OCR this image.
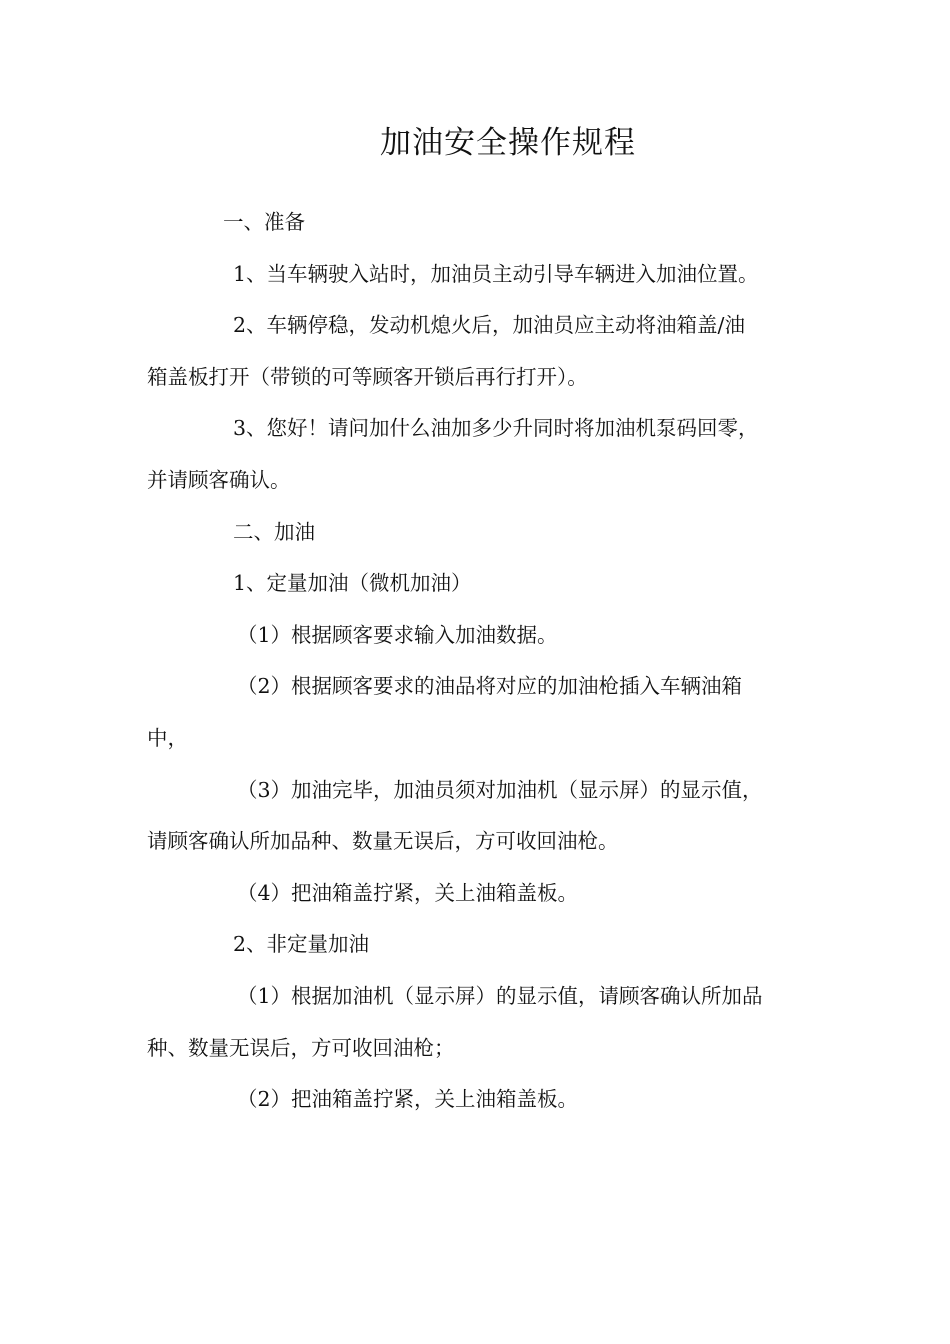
加油安全操作规程

一、准备

1、当车辆驶入站时，加油员主动引导车辆进入加油位置。

2、车辆停稳，发动机熄火后，加油员应主动将油箱盖/油

箱盖板打开（带锁的可等顾客开锁后再行打开）。

3、您好！请问加什么油加多少升同时将加油机泵码回零，

并请顾客确认。

二、加油

1、定量加油（微机加油）

（1）根据顾客要求输入加油数据。

（2）根据顾客要求的油品将对应的加油枪插入车辆油箱

中，

（3）加油完毕，加油员须对加油机（显示屏）的显示值，

请顾客确认所加品种、数量无误后，方可收回油枪。

（4）把油箱盖拧紧，关上油箱盖板。

2、非定量加油

（1）根据加油机（显示屏）的显示值，请顾客确认所加品

种、数量无误后，方可收回油枪；

（2）把油箱盖拧紧，关上油箱盖板。
